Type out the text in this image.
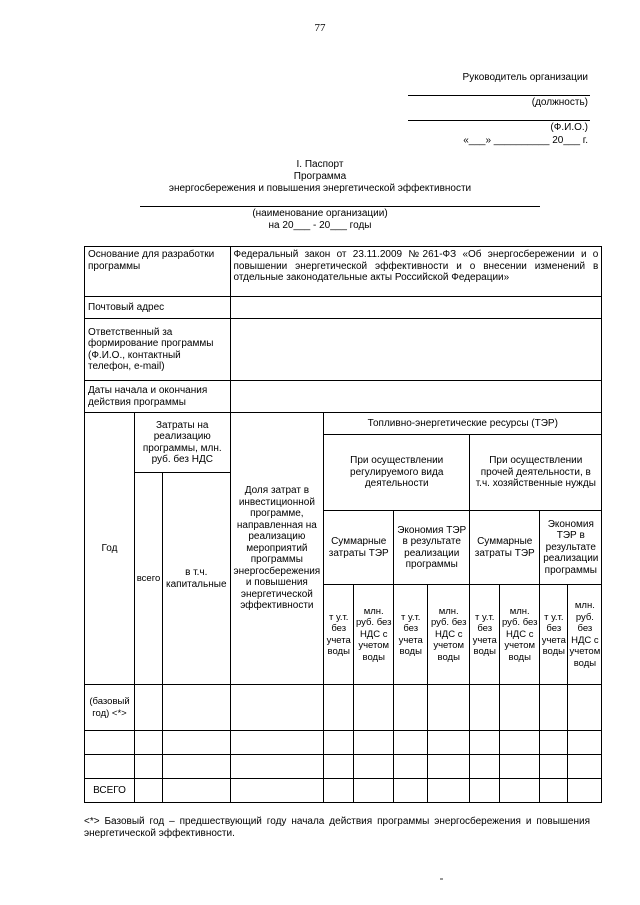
77
Руководитель организации
(должность)
(Ф.И.О.)
«___» __________ 20___ г.
I. Паспорт
Программа
энергосбережения и повышения энергетической эффективности
(наименование организации)
на 20___ - 20___ годы
Основание для разработки программы			Федеральный закон от 23.11.2009 №261-ФЗ «Об энергосбережении и о повышении энергетической эффективности и о внесении изменений в отдельные законодательные акты Российской Федерации»								
Почтовый адрес											
Ответственный за формирование программы (Ф.И.О., контактный телефон, e-mail)											
Даты начала и окончания действия программы											
Год	Затраты на реализацию программы, млн. руб. без НДС		Доля затрат в инвестиционной программе, направленная на реализацию мероприятий программы энергосбережения и повышения энергетической эффективности	Топливно-энергетические ресурсы (ТЭР)							
				При осуществлении регулируемого вида деятельности				При осуществлении прочей деятельности, в т.ч. хозяйственные нужды			
	всего	в т.ч. капитальные									
				Суммарные затраты ТЭР		Экономия ТЭР в результате реализации программы		Суммарные затраты ТЭР		Экономия ТЭР в результате реализации программы	
				т у.т. без учета воды	млн. руб. без НДС с учетом воды	т у.т. без учета воды	млн. руб. без НДС с учетом воды	т у.т. без учета воды	млн. руб. без НДС с учетом воды	т у.т. без учета воды	млн. руб. без НДС с учетом воды
(базовый год) <*>											

ВСЕГО											
<*> Базовый год – предшествующий году начала действия программы энергосбережения и повышения энергетической эффективности.
